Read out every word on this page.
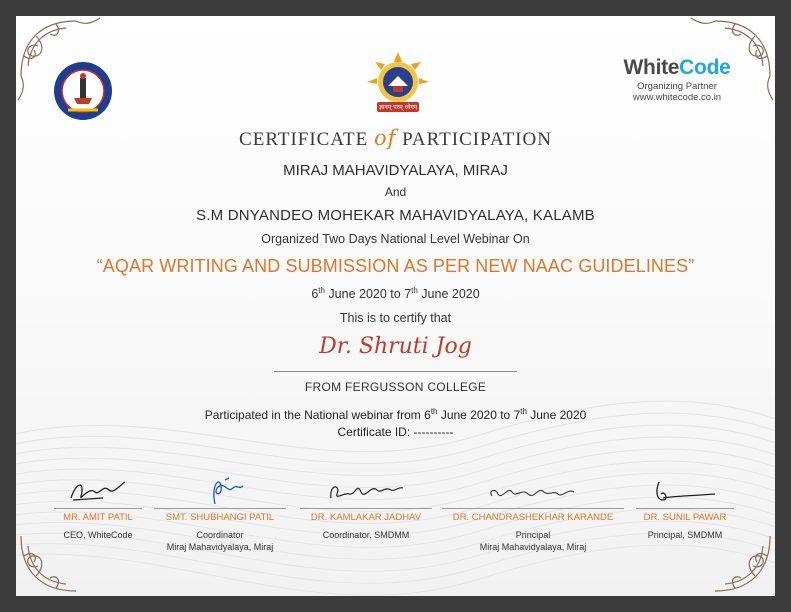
ज्ञानम् परम् ध्येयम्
WhiteCode
Organizing Partner
www.whitecode.co.in
CERTIFICATE of PARTICIPATION
MIRAJ MAHAVIDYALAYA, MIRAJ
And
S.M DNYANDEO MOHEKAR MAHAVIDYALAYA, KALAMB
Organized Two Days National Level Webinar On
“AQAR WRITING AND SUBMISSION AS PER NEW NAAC GUIDELINES”
6th June 2020 to 7th June 2020
This is to certify that
Dr. Shruti Jog
FROM FERGUSSON COLLEGE
Participated in the National webinar from 6th June 2020 to 7th June 2020
Certificate ID: ----------
MR. AMIT PATIL
CEO, WhiteCode
SMT. SHUBHANGI PATIL
Coordinator
Miraj Mahavidyalaya, Miraj
DR. KAMLAKAR JADHAV
Coordinator, SMDMM
DR. CHANDRASHEKHAR KARANDE
Principal
Miraj Mahavidyalaya, Miraj
DR. SUNIL PAWAR
Principal, SMDMM
